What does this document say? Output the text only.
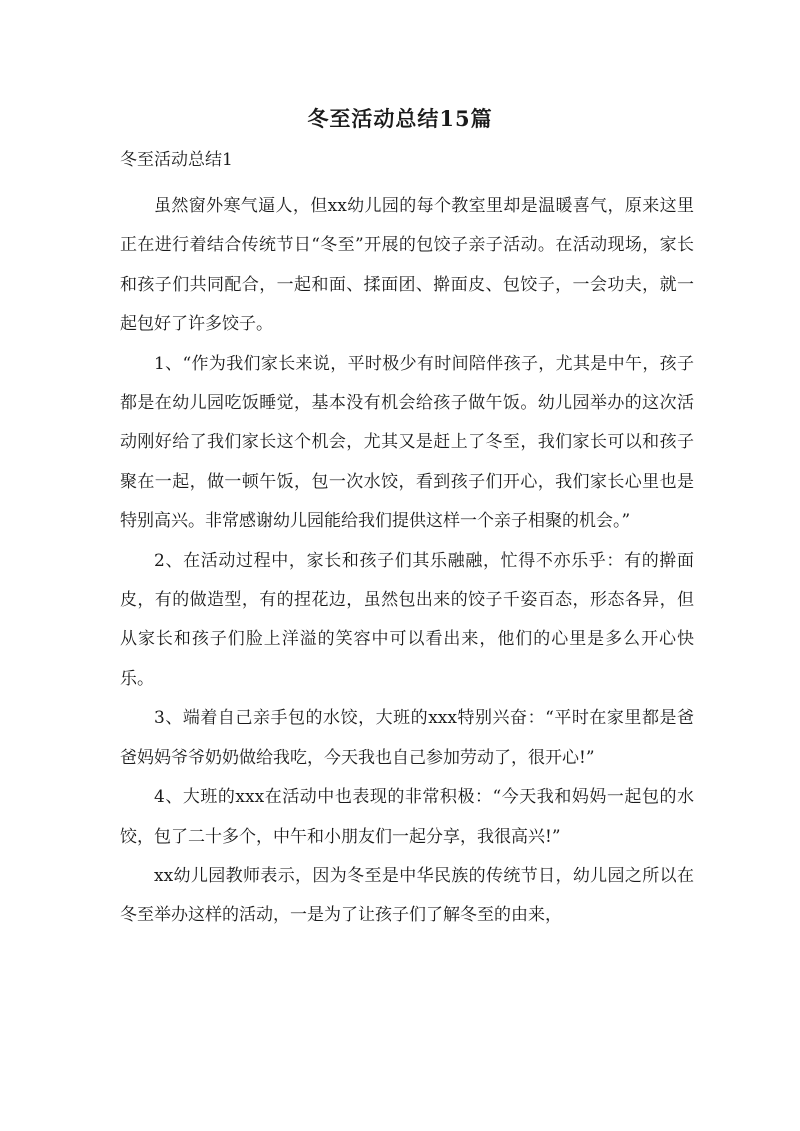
冬至活动总结15篇
冬至活动总结1

虽然窗外寒气逼人，但xx幼儿园的每个教室里却是温暖喜气，原来这里正在进行着结合传统节日“冬至”开展的包饺子亲子活动。在活动现场，家长和孩子们共同配合，一起和面、揉面团、擀面皮、包饺子，一会功夫，就一起包好了许多饺子。

1、“作为我们家长来说，平时极少有时间陪伴孩子，尤其是中午，孩子都是在幼儿园吃饭睡觉，基本没有机会给孩子做午饭。幼儿园举办的这次活动刚好给了我们家长这个机会，尤其又是赶上了冬至，我们家长可以和孩子聚在一起，做一顿午饭，包一次水饺，看到孩子们开心，我们家长心里也是特别高兴。非常感谢幼儿园能给我们提供这样一个亲子相聚的机会。”

2、在活动过程中，家长和孩子们其乐融融，忙得不亦乐乎：有的擀面皮，有的做造型，有的捏花边，虽然包出来的饺子千姿百态，形态各异，但从家长和孩子们脸上洋溢的笑容中可以看出来，他们的心里是多么开心快乐。

3、端着自己亲手包的水饺，大班的xxx特别兴奋：“平时在家里都是爸爸妈妈爷爷奶奶做给我吃，今天我也自己参加劳动了，很开心!”

4、大班的xxx在活动中也表现的非常积极：“今天我和妈妈一起包的水饺，包了二十多个，中午和小朋友们一起分享，我很高兴!”

xx幼儿园教师表示，因为冬至是中华民族的传统节日，幼儿园之所以在冬至举办这样的活动，一是为了让孩子们了解冬至的由来，
